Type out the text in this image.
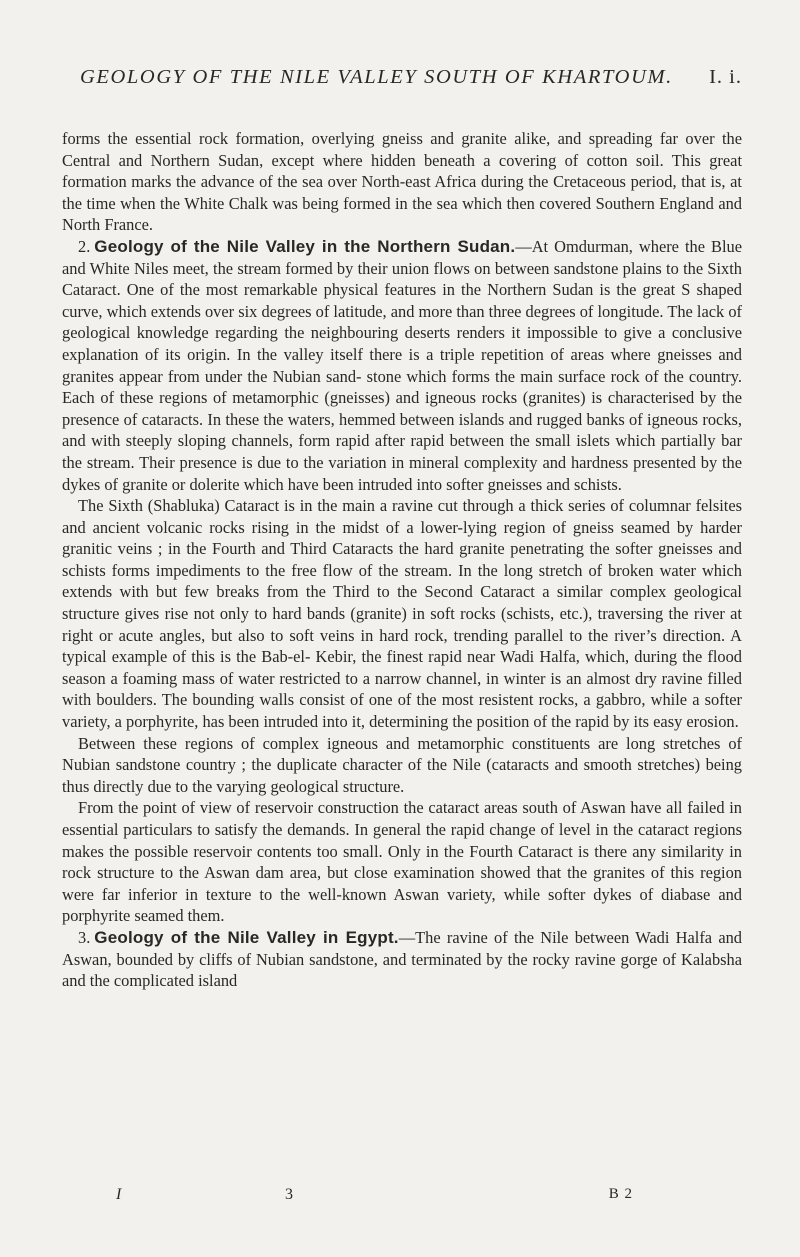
GEOLOGY OF THE NILE VALLEY SOUTH OF KHARTOUM. I. i.

forms the essential rock formation, overlying gneiss and granite alike, and spreading far over the Central and Northern Sudan, except where hidden beneath a covering of cotton soil. This great formation marks the advance of the sea over North-east Africa during the Cretaceous period, that is, at the time when the White Chalk was being formed in the sea which then covered Southern England and North France.

2. Geology of the Nile Valley in the Northern Sudan.—At Omdurman, where the Blue and White Niles meet, the stream formed by their union flows on between sandstone plains to the Sixth Cataract. One of the most remarkable physical features in the Northern Sudan is the great S shaped curve, which extends over six degrees of latitude, and more than three degrees of longitude. The lack of geological knowledge regarding the neighbouring deserts renders it impossible to give a conclusive explanation of its origin. In the valley itself there is a triple repetition of areas where gneisses and granites appear from under the Nubian sand- stone which forms the main surface rock of the country. Each of these regions of metamorphic (gneisses) and igneous rocks (granites) is characterised by the presence of cataracts. In these the waters, hemmed between islands and rugged banks of igneous rocks, and with steeply sloping channels, form rapid after rapid between the small islets which partially bar the stream. Their presence is due to the variation in mineral complexity and hardness presented by the dykes of granite or dolerite which have been intruded into softer gneisses and schists.

The Sixth (Shabluka) Cataract is in the main a ravine cut through a thick series of columnar felsites and ancient volcanic rocks rising in the midst of a lower-lying region of gneiss seamed by harder granitic veins ; in the Fourth and Third Cataracts the hard granite penetrating the softer gneisses and schists forms impediments to the free flow of the stream. In the long stretch of broken water which extends with but few breaks from the Third to the Second Cataract a similar complex geological structure gives rise not only to hard bands (granite) in soft rocks (schists, etc.), traversing the river at right or acute angles, but also to soft veins in hard rock, trending parallel to the river’s direction. A typical example of this is the Bab-el- Kebir, the finest rapid near Wadi Halfa, which, during the flood season a foaming mass of water restricted to a narrow channel, in winter is an almost dry ravine filled with boulders. The bounding walls consist of one of the most resistent rocks, a gabbro, while a softer variety, a porphyrite, has been intruded into it, determining the position of the rapid by its easy erosion.

Between these regions of complex igneous and metamorphic constituents are long stretches of Nubian sandstone country ; the duplicate character of the Nile (cataracts and smooth stretches) being thus directly due to the varying geological structure.

From the point of view of reservoir construction the cataract areas south of Aswan have all failed in essential particulars to satisfy the demands. In general the rapid change of level in the cataract regions makes the possible reservoir contents too small. Only in the Fourth Cataract is there any similarity in rock structure to the Aswan dam area, but close examination showed that the granites of this region were far inferior in texture to the well-known Aswan variety, while softer dykes of diabase and porphyrite seamed them.

3. Geology of the Nile Valley in Egypt.—The ravine of the Nile between Wadi Halfa and Aswan, bounded by cliffs of Nubian sandstone, and terminated by the rocky ravine gorge of Kalabsha and the complicated island

I	3	B 2
